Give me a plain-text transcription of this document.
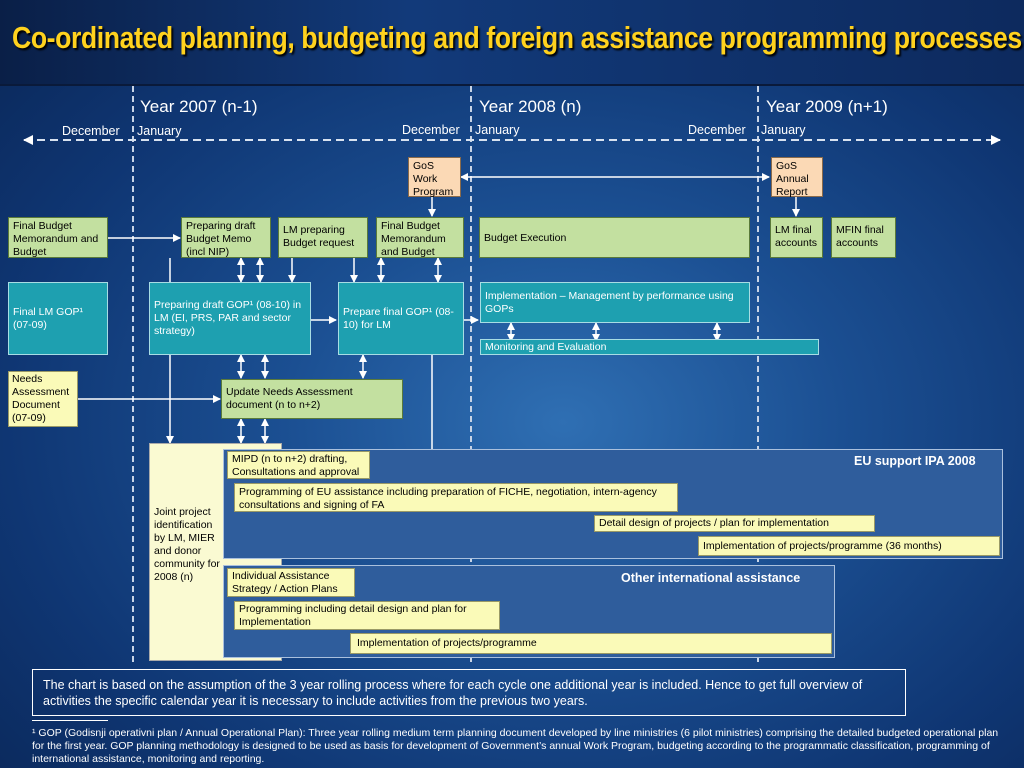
Co-ordinated planning, budgeting and foreign assistance programming processes
Year 2007 (n-1)	Year 2008 (n)	Year 2009 (n+1)
December January	December January	December January
GoS Work Program
GoS Annual Report
Final Budget Memorandum and Budget
Preparing draft Budget Memo (incl NIP)
LM preparing Budget request
Final Budget Memorandum and Budget
Budget Execution
LM final accounts
MFIN final accounts
Final LM GOP¹ (07-09)
Preparing draft GOP¹ (08-10) in LM (EI, PRS, PAR and sector strategy)
Prepare final GOP¹ (08-10) for LM
Implementation – Management by performance using GOPs
Monitoring and Evaluation
Needs Assessment Document (07-09)
Update Needs Assessment document (n to n+2)
Joint project identification by LM, MIER and donor community for 2008 (n)
EU support IPA 2008
MIPD (n to n+2) drafting, Consultations and approval
Programming of EU assistance including preparation of FICHE, negotiation, intern-agency consultations and signing of FA
Detail design of projects / plan for implementation
Implementation of projects/programme (36 months)
Other international assistance
Individual Assistance Strategy / Action Plans
Programming including detail design and plan for Implementation
Implementation of projects/programme
The chart is based on the assumption of the 3 year rolling process where for each cycle one additional year is included. Hence to get full overview of activities the specific calendar year it is necessary to include activities from the previous two years.
¹ GOP (Godisnji operativni plan / Annual Operational Plan): Three year rolling medium term planning document developed by line ministries (6 pilot ministries) comprising the detailed budgeted operational plan for the first year. GOP planning methodology is designed to be used as basis for development of Government’s annual Work Program, budgeting according to the programmatic classification, programming of international assistance, monitoring and reporting.
